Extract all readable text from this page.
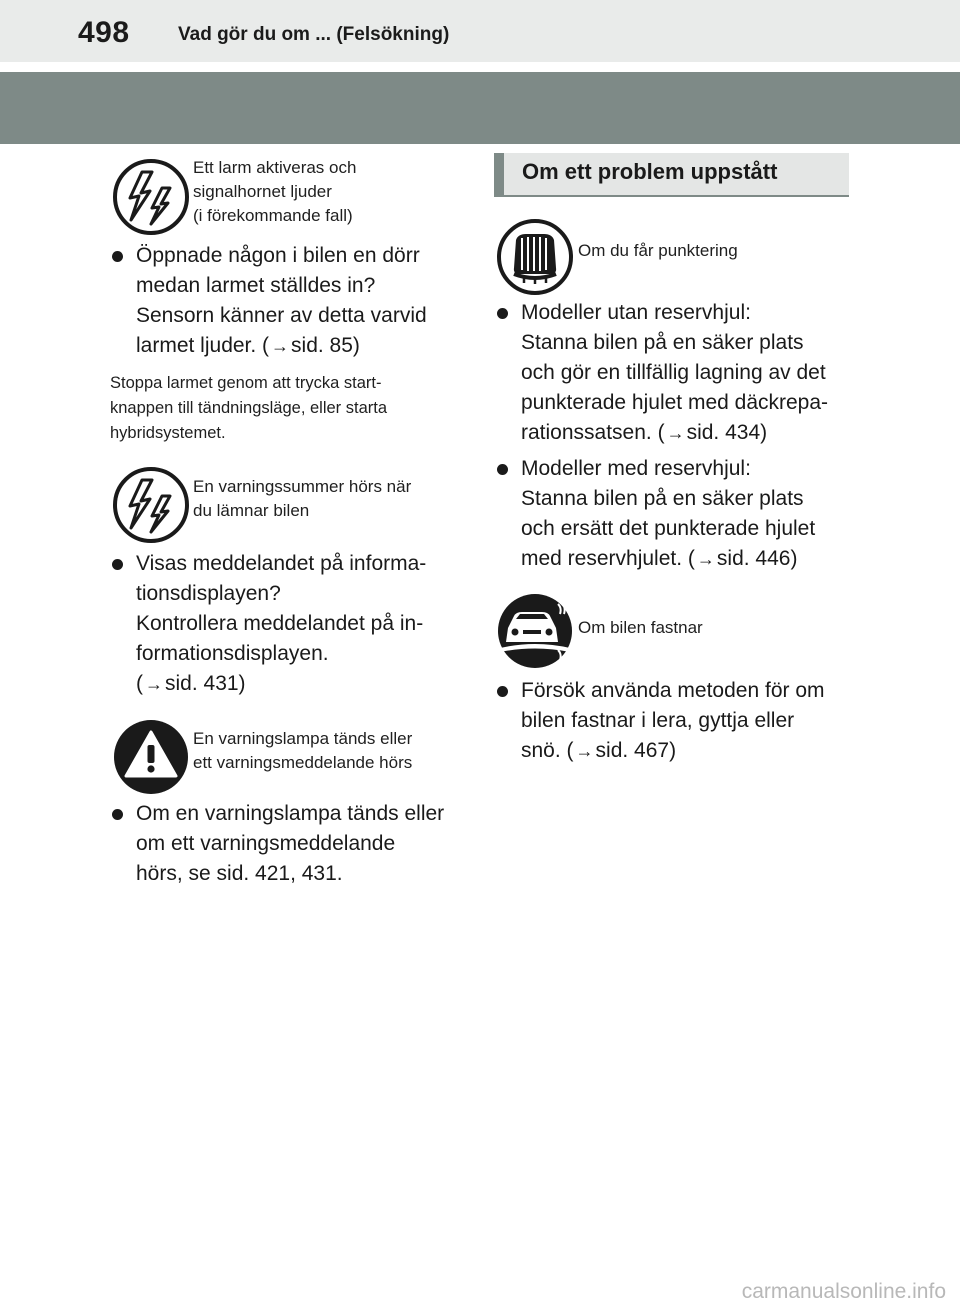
498	Vad gör du om ... (Felsökning)
Ett larm aktiveras och
signalhornet ljuder
(i förekommande fall)
Öppnade någon i bilen en dörr
medan larmet ställdes in?
Sensorn känner av detta varvid
larmet ljuder. ( →sid. 85)
Stoppa larmet genom att trycka start-
knappen till tändningsläge, eller starta
hybridsystemet.
En varningssummer hörs när
du lämnar bilen
Visas meddelandet på informa-
tionsdisplayen?
Kontrollera meddelandet på in-
formationsdisplayen.
( →sid. 431)
En varningslampa tänds eller
ett varningsmeddelande hörs
Om en varningslampa tänds eller
om ett varningsmeddelande
hörs, se sid. 421, 431.
Om ett problem uppstått
Om du får punktering
Modeller utan reservhjul:
Stanna bilen på en säker plats
och gör en tillfällig lagning av det
punkterade hjulet med däckrepa-
rationssatsen. ( →sid. 434)
Modeller med reservhjul:
Stanna bilen på en säker plats
och ersätt det punkterade hjulet
med reservhjulet. ( →sid. 446)
Om bilen fastnar
Försök använda metoden för om
bilen fastnar i lera, gyttja eller
snö. ( →sid. 467)
carmanualsonline.info
